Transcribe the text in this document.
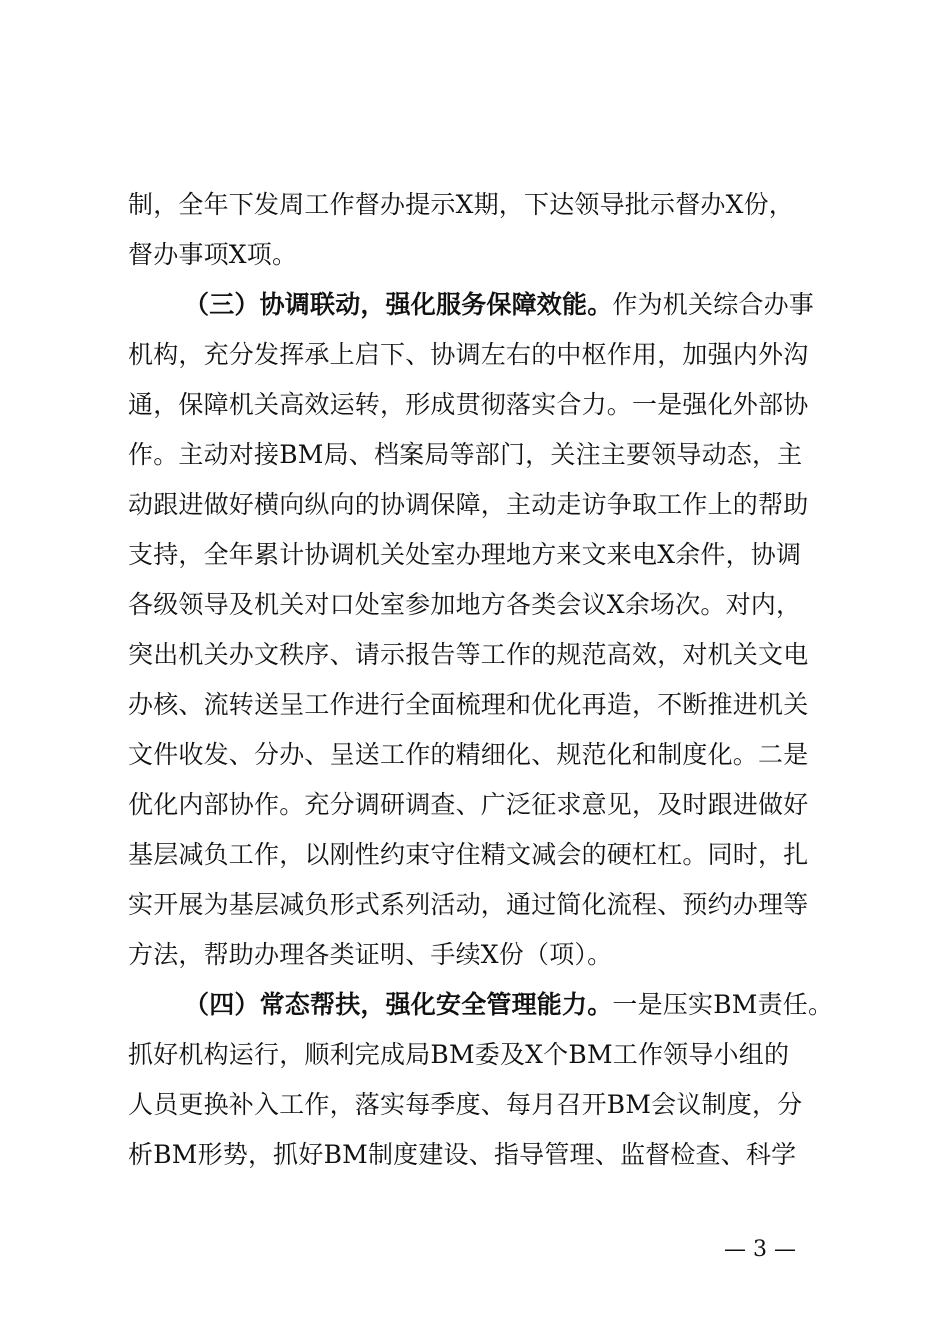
制，全年下发周工作督办提示X期，下达领导批示督办X份，
督办事项X项。
（三）协调联动，强化服务保障效能。作为机关综合办事
机构，充分发挥承上启下、协调左右的中枢作用，加强内外沟
通，保障机关高效运转，形成贯彻落实合力。一是强化外部协
作。主动对接BM局、档案局等部门，关注主要领导动态，主
动跟进做好横向纵向的协调保障，主动走访争取工作上的帮助
支持，全年累计协调机关处室办理地方来文来电X余件，协调
各级领导及机关对口处室参加地方各类会议X余场次。对内，
突出机关办文秩序、请示报告等工作的规范高效，对机关文电
办核、流转送呈工作进行全面梳理和优化再造，不断推进机关
文件收发、分办、呈送工作的精细化、规范化和制度化。二是
优化内部协作。充分调研调查、广泛征求意见，及时跟进做好
基层减负工作，以刚性约束守住精文减会的硬杠杠。同时，扎
实开展为基层减负形式系列活动，通过简化流程、预约办理等
方法，帮助办理各类证明、手续X份（项）。
（四）常态帮扶，强化安全管理能力。一是压实BM责任。
抓好机构运行，顺利完成局BM委及X个BM工作领导小组的
人员更换补入工作，落实每季度、每月召开BM会议制度，分
析BM形势，抓好BM制度建设、指导管理、监督检查、科学
— 3 —
